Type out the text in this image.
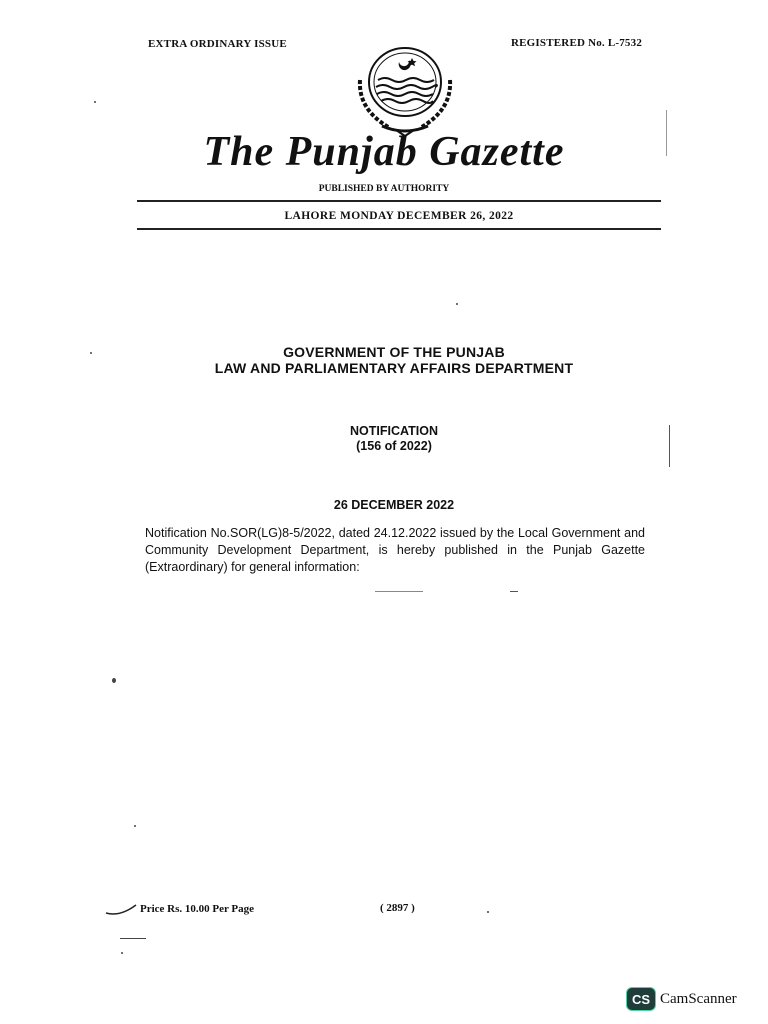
EXTRA ORDINARY ISSUE	REGISTERED No. L-7532
The Punjab Gazette
PUBLISHED BY AUTHORITY
LAHORE MONDAY DECEMBER 26, 2022
GOVERNMENT OF THE PUNJAB
LAW AND PARLIAMENTARY AFFAIRS DEPARTMENT
NOTIFICATION
(156 of 2022)
26 DECEMBER 2022
Notification No.SOR(LG)8-5/2022, dated 24.12.2022 issued by the Local Government and Community Development Department, is hereby published in the Punjab Gazette (Extraordinary) for general information:
Price Rs. 10.00 Per Page	( 2897 )
CS CamScanner
